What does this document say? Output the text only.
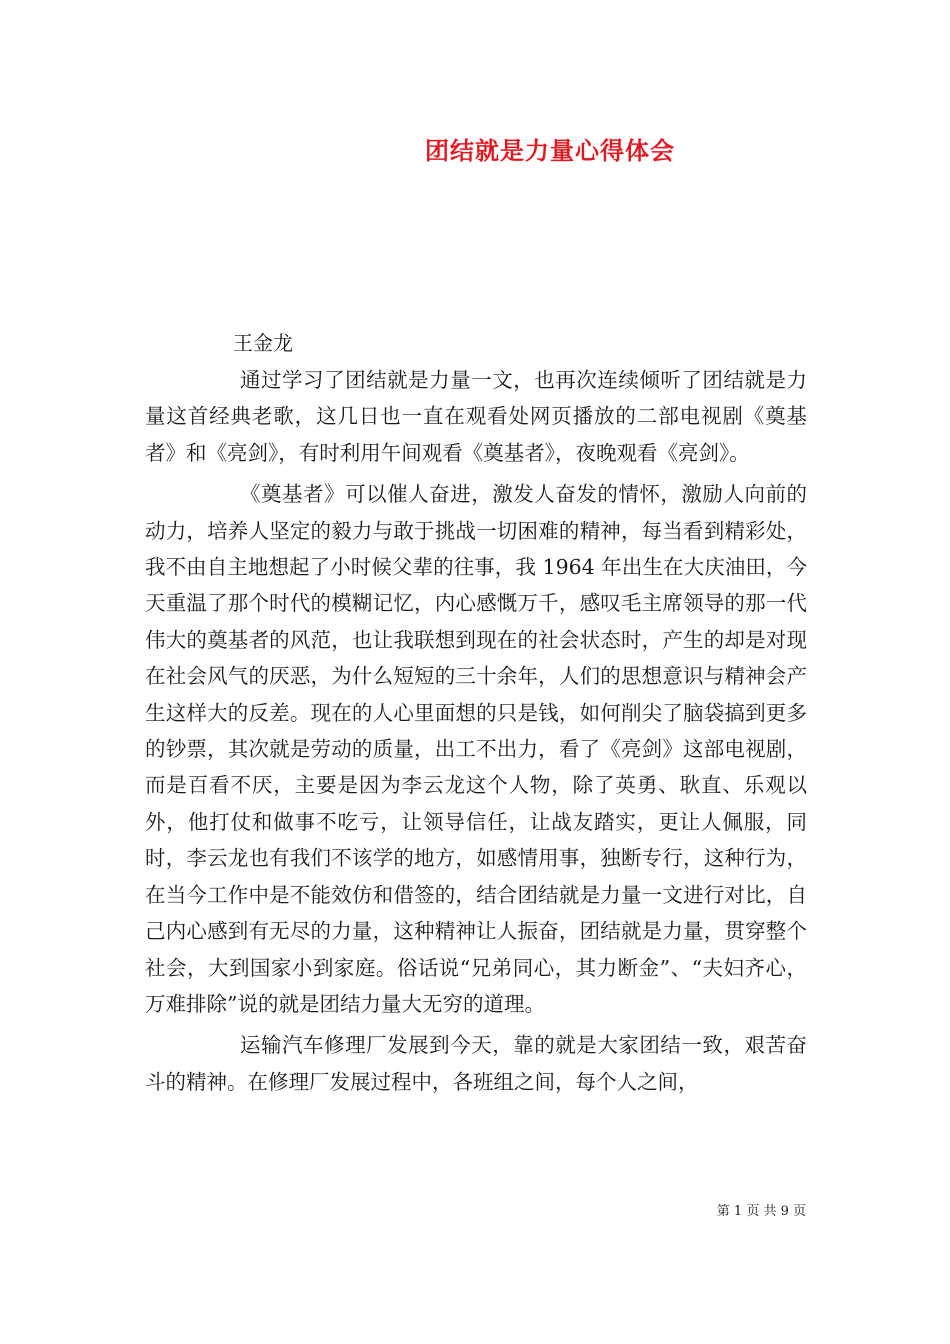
团结就是力量心得体会
王金龙

通过学习了团结就是力量一文，也再次连续倾听了团结就是力量这首经典老歌，这几日也一直在观看处网页播放的二部电视剧《奠基者》和《亮剑》，有时利用午间观看《奠基者》，夜晚观看《亮剑》。

《奠基者》可以催人奋进，激发人奋发的情怀，激励人向前的动力，培养人坚定的毅力与敢于挑战一切困难的精神，每当看到精彩处，我不由自主地想起了小时候父辈的往事，我 1964 年出生在大庆油田，今天重温了那个时代的模糊记忆，内心感慨万千，感叹毛主席领导的那一代伟大的奠基者的风范，也让我联想到现在的社会状态时，产生的却是对现在社会风气的厌恶，为什么短短的三十余年，人们的思想意识与精神会产生这样大的反差。现在的人心里面想的只是钱，如何削尖了脑袋搞到更多的钞票，其次就是劳动的质量，出工不出力，看了《亮剑》这部电视剧，而是百看不厌，主要是因为李云龙这个人物，除了英勇、耿直、乐观以外，他打仗和做事不吃亏，让领导信任，让战友踏实，更让人佩服，同时，李云龙也有我们不该学的地方，如感情用事，独断专行，这种行为，在当今工作中是不能效仿和借签的，结合团结就是力量一文进行对比，自己内心感到有无尽的力量，这种精神让人振奋，团结就是力量，贯穿整个社会，大到国家小到家庭。俗话说“兄弟同心，其力断金”、“夫妇齐心，万难排除”说的就是团结力量大无穷的道理。

运输汽车修理厂发展到今天，靠的就是大家团结一致，艰苦奋斗的精神。在修理厂发展过程中，各班组之间，每个人之间，

第 1 页 共 9 页
